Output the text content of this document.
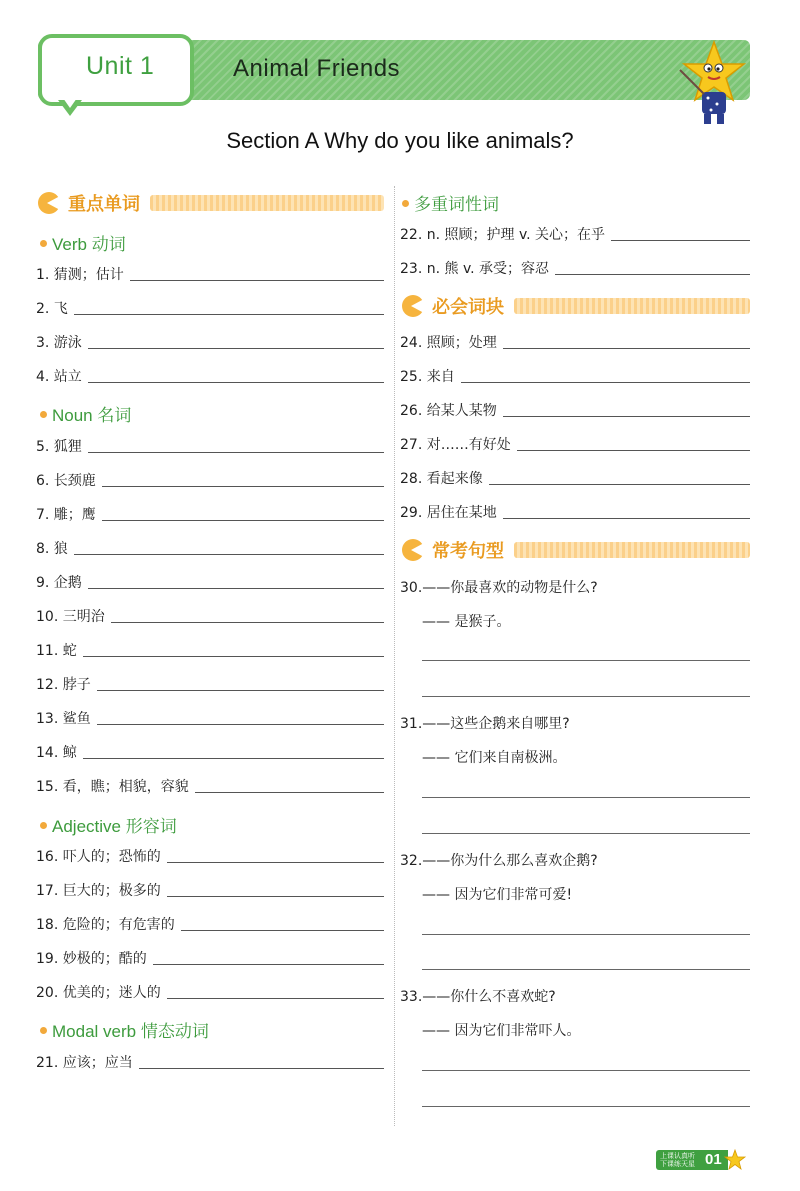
Unit 1	Animal Friends
Section A Why do you like animals?
重点单词
Verb 动词
1. 猜测；估计
2. 飞
3. 游泳
4. 站立
Noun 名词
5. 狐狸
6. 长颈鹿
7. 雕；鹰
8. 狼
9. 企鹅
10. 三明治
11. 蛇
12. 脖子
13. 鲨鱼
14. 鲸
15. 看，瞧；相貌，容貌
Adjective 形容词
16. 吓人的；恐怖的
17. 巨大的；极多的
18. 危险的；有危害的
19. 妙极的；酷的
20. 优美的；迷人的
Modal verb 情态动词
21. 应该；应当
多重词性词
22. n. 照顾；护理 v. 关心；在乎
23. n. 熊 v. 承受；容忍
必会词块
24. 照顾；处理
25. 来自
26. 给某人某物
27. 对……有好处
28. 看起来像
29. 居住在某地
常考句型
30.——你最喜欢的动物是什么?
—— 是猴子。
31.——这些企鹅来自哪里?
—— 它们来自南极洲。
32.——你为什么那么喜欢企鹅?
—— 因为它们非常可爱!
33.——你什么不喜欢蛇?
—— 因为它们非常吓人。
上课认真听
下课练天星 01
